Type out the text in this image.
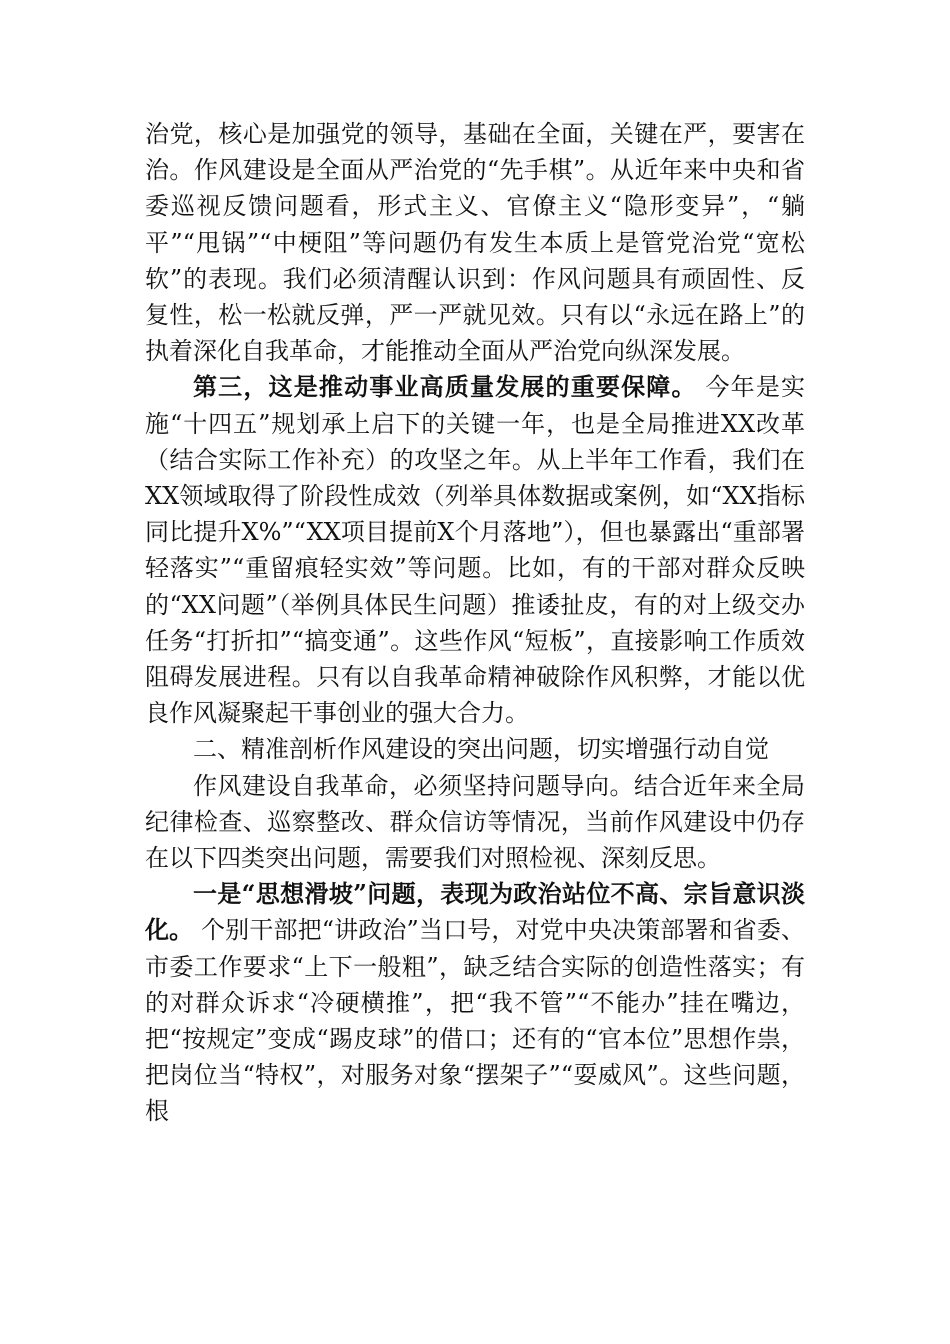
治党，核心是加强党的领导，基础在全面，关键在严，要害在治。作风建设是全面从严治党的“先手棋”。从近年来中央和省委巡视反馈问题看，形式主义、官僚主义“隐形变异”，“躺平”“甩锅”“中梗阻”等问题仍有发生本质上是管党治党“宽松软”的表现。我们必须清醒认识到：作风问题具有顽固性、反复性，松一松就反弹，严一严就见效。只有以“永远在路上”的执着深化自我革命，才能推动全面从严治党向纵深发展。

第三，这是推动事业高质量发展的重要保障。 今年是实施“十四五”规划承上启下的关键一年，也是全局推进XX改革（结合实际工作补充）的攻坚之年。从上半年工作看，我们在XX领域取得了阶段性成效（列举具体数据或案例，如“XX指标同比提升X%”“XX项目提前X个月落地”），但也暴露出“重部署轻落实”“重留痕轻实效”等问题。比如，有的干部对群众反映的“XX问题”（举例具体民生问题）推诿扯皮，有的对上级交办任务“打折扣”“搞变通”。这些作风“短板”，直接影响工作质效阻碍发展进程。只有以自我革命精神破除作风积弊，才能以优良作风凝聚起干事创业的强大合力。

二、精准剖析作风建设的突出问题，切实增强行动自觉

作风建设自我革命，必须坚持问题导向。结合近年来全局纪律检查、巡察整改、群众信访等情况，当前作风建设中仍存在以下四类突出问题，需要我们对照检视、深刻反思。

一是“思想滑坡”问题，表现为政治站位不高、宗旨意识淡化。 个别干部把“讲政治”当口号，对党中央决策部署和省委、市委工作要求“上下一般粗”，缺乏结合实际的创造性落实；有的对群众诉求“冷硬横推”，把“我不管”“不能办”挂在嘴边，把“按规定”变成“踢皮球”的借口；还有的“官本位”思想作祟，把岗位当“特权”，对服务对象“摆架子”“耍威风”。这些问题，根
